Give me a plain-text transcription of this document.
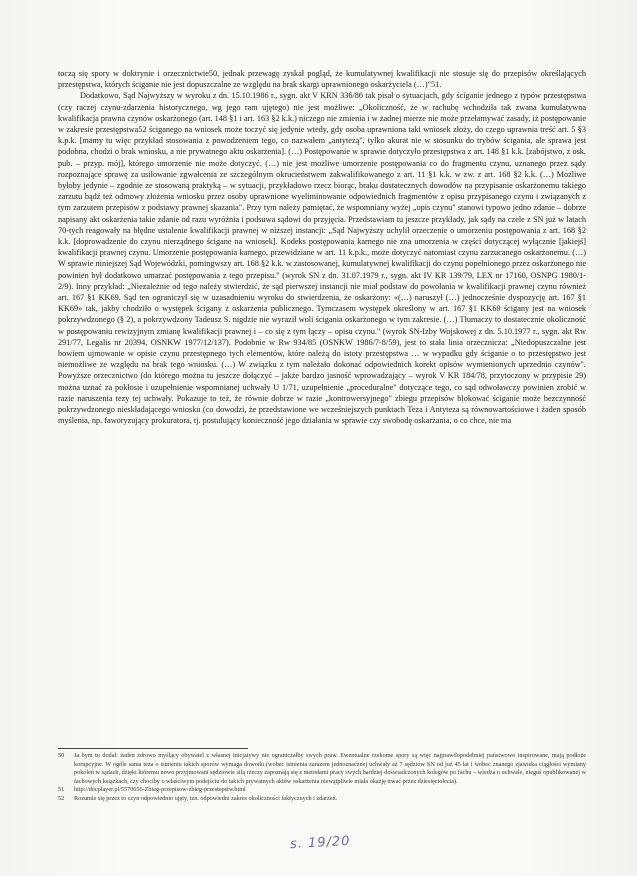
toczą się spory w doktrynie i orzecznictwie50, jednak przewagę zyskał pogląd, że kumulatywnej kwalifikacji nie stosuje się do przepisów określających przestępstwa, których ściganie nie jest dopuszczalne ze względu na brak skargi uprawnionego oskarżyciela (…)"51.

Dodatkowo, Sąd Najwyższy w wyroku z dn. 15.10.1986 r., sygn. akt V KRN 336/86 tak pisał o sytuacjach, gdy ściganie jednego z typów przestępstwa (czy raczej czynu-zdarzenia historycznego, wg jego ram ujętego) nie jest możliwe: „Okoliczność, że w rachubę wchodziła tak zwana kumulatywna kwalifikacja prawna czynów oskarżonego (art. 148 §1 i art. 163 §2 k.k.) niczego nie zmienia i w żadnej mierze nie może przełamywać zasady, iż postępowanie w zakresie przestępstwa52 ściganego na wniosek może toczyć się jedynie wtedy, gdy osoba uprawniona taki wniosek złoży, do czego uprawnia treść art. 5 §3 k.p.k. [mamy tu więc przykład stosowania z powodzeniem tego, co nazwałem „antytezą", tylko akurat nie w stosunku do trybów ścigania, ale sprawa jest podobna, chodzi o brak wniosku, a nie prywatnego aktu oskarżenia]. (…) Postępowanie w sprawie dotyczyło przestępstwa z art. 148 §1 k.k. [zabójstwo, z osk. pub. – przyp. mój], którego umorzenie nie może dotyczyć. (…) nie jest możliwe umorzenie postępowania co do fragmentu czynu, uznanego przez sądy rozpoznające sprawę za usiłowanie zgwałcenia ze szczególnym okrucieństwem zakwalifikowanego z art. 11 §1 k.k. w zw. z art. 168 §2 k.k. (…) Możliwe byłoby jedynie – zgodnie ze stosowaną praktyką – w sytuacji, przykładowo rzecz biorąc, braku dostatecznych dowodów na przypisanie oskarżonemu takiego zarzutu bądź też odmowy złożenia wniosku przez osoby uprawnione wyeliminowanie odpowiednich fragmentów z opisu przypisanego czynu i związanych z tym zarzutem przepisów z podstawy prawnej skazania". Przy tym należy pamiętać, że wspomniany wyżej „opis czynu" stanowi typowo jedno zdanie – dobrze napisany akt oskarżenia takie zdanie od razu wyróżnia i podsuwa sądowi do przyjęcia. Przedstawiam tu jeszcze przykłady, jak sądy na czele z SN już w latach 70-tych reagowały na błędne ustalenie kwalifikacji prawnej w niższej instancji: „Sąd Najwyższy uchylił orzeczenie o umorzeniu postępowania z art. 168 §2 k.k. [doprowadzenie do czynu nierządnego ścigane na wniosek]. Kodeks postępowania karnego nie zna umorzenia w części dotyczącej wyłącznie [jakiejś] kwalifikacji prawnej czynu. Umorzenie postępowania karnego, przewidziane w art. 11 k.p.k., może dotyczyć natomiast czynu zarzucanego oskarżonemu. (…) W sprawie niniejszej Sąd Wojewódzki, pomingwszy art. 168 §2 k.k. w zastosowanej, kumulatywnej kwalifikacji do czynu popełnionego przez oskarżonego nie powinien był dodatkowo umarzać postępowania z tego przepisu." (wyrok SN z dn. 31.07.1979 r., sygn. akt IV KR 139/79, LEX nr 17160, OSNPG 1980/1-2/9). Inny przykład: „Niezależnie od tego należy stwierdzić, że sąd pierwszej instancji nie miał podstaw do powołania w kwalifikacji prawnej czynu również art. 167 §1 KK69. Sąd ten ograniczył się w uzasadnieniu wyroku do stwierdzenia, że oskarżony: «(…) naruszył (…) jednocześnie dyspozycję art. 167 §1 KK69» tak, jakby chodziło o występek ścigany z oskarżenia publicznego. Tymczasem występek określony w art. 167 §1 KK69 ścigany jest na wniosek pokrzywdzonego (§ 2), a pokrzywdzony Tadeusz S. nigdzie nie wyraził woli ścigania oskarżonego w tym zakresie. (…) Tłumaczy to dostatecznie okoliczność w postępowaniu rewizyjnym zmianę kwalifikacji prawnej i – co się z tym łączy – opisu czynu." (wyrok SN-Izby Wojskowej z dn. 5.10.1977 r., sygn. akt Rw 291/77, Legalis nr 20394, OSNKW 1977/12/137). Podobnie w Rw 934/85 (OSNKW 1986/7-8/59), jest to stała linia orzecznicza: „Niedopuszczalne jest bowiem ujmowanie w opisie czynu przestępnego tych elementów, które należą do istoty przestępstwa … w wypadku gdy ściganie o to przestępstwo jest niemożliwe ze względu na brak tego wniosku. (…) W związku z tym należało dokonać odpowiednich korekt opisów wymienionych uprzednio czynów". Powyższe orzecznictwo (do którego można tu jeszcze dołączyć – jakże bardzo jasność wprowadzający – wyrok V KR 184/78, przytoczony w przypisie 29) można uznać za pokłosie i uzupełnienie wspomnianej uchwały U 1/71, uzupełnienie „proceduralne" dotyczące tego, co sąd odwoławczy powinien zrobić w razie naruszenia tezy tej uchwały. Pokazuje to też, że równie dobrze w razie „kontrowersyjnego" zbiegu przepisów blokować ściganie może bezczynność pokrzywdzonego nieskładającego wniosku (co dowodzi, że przedstawione we wcześniejszych punktach Teza i Antyteza są równowartościowe i żaden sposób myślenia, np. faworyzujący prokuratora, tj. postulujący konieczność jego działania w sprawie czy swobodę oskarżania, o co chce, nie ma

50 Ja bym tu dodał: żaden zdrowo myślący obywatel z własnej inicjatywy nie ograniczałby swych praw. Ewentualne rzekome spory są więc najprawdopodobniej państwowo inspirowane, mają podłoże korupcyjne. W ogóle sama teza o istnieniu takich sporów wymaga dowodu (wobec istnienia zarazem jednoznacznej uchwały aż 7 sędziów SN od już 45 lat i wobec znanego zjawiska ciągłości wymiany pokoleń w sądach, dzięki któremu nowo przyjmowani sędziowie siłą rzeczy zapoznają się z metodami pracy swych bardziej doświadczonych kolegów po fachu – wiedza o uchwale, nieguś opublikowanej w fachowych książkach, czy chociby o właściwym podejściu do takich prywatnych aktów oskarżenia niewątpliwie miała okazję trwać przez dziesięciolecia).
51 http://docplayer.pl/5570656-Zbieg-przepisow-zbieg-przestepstw.html
52 Rozumie się przez to czyn odpowiednio ujęty, tzn. odpowiedni zakres okoliczności faktycznych i zdarzeń.
s. 19/20
